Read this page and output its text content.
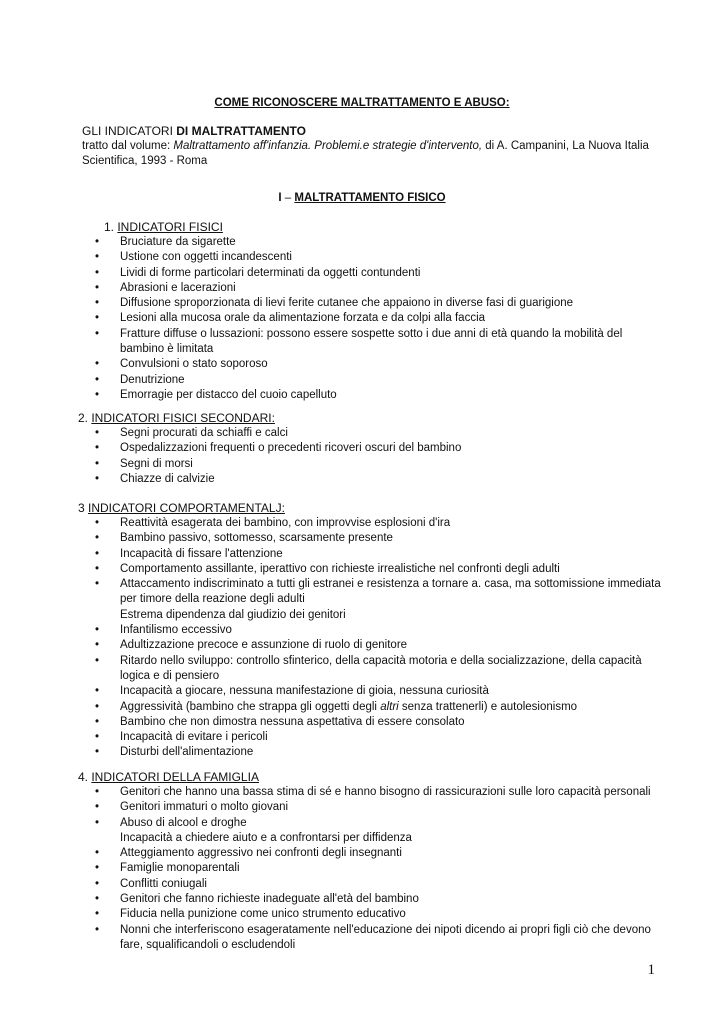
COME RICONOSCERE MALTRATTAMENTO E ABUSO:
GLI INDICATORI DI MALTRATTAMENTO
tratto dal volume: Maltrattamento aff'infanzia. Problemi.e strategie d'intervento, di A. Campanini, La Nuova Italia Scientifica, 1993 - Roma
I – MALTRATTAMENTO FISICO
1. INDICATORI FISICI
• Bruciature da sigarette
• Ustione con oggetti incandescenti
• Lividi di forme particolari determinati da oggetti contundenti
• Abrasioni e lacerazioni
• Diffusione sproporzionata di lievi ferite cutanee che appaiono in diverse fasi di guarigione
• Lesioni alla mucosa orale da alimentazione forzata e da colpi alla faccia
• Fratture diffuse o lussazioni: possono essere sospette sotto i due anni di età quando la mobilità del bambino è limitata
• Convulsioni o stato soporoso
• Denutrizione
• Emorragie per distacco del cuoio capelluto
2. INDICATORI FISICI SECONDARI:
• Segni procurati da schiaffi e calci
• Ospedalizzazioni frequenti o precedenti ricoveri oscuri del bambino
• Segni di morsi
• Chiazze di calvizie
3 INDICATORI COMPORTAMENTALJ:
• Reattività esagerata dei bambino, con improvvise esplosioni d'ira
• Bambino passivo, sottomesso, scarsamente presente
• Incapacità di fissare l'attenzione
• Comportamento assillante, iperattivo con richieste irrealistiche nel confronti degli adulti
• Attaccamento indiscriminato a tutti gli estranei e resistenza a tornare a. casa, ma sottomissione immediata per timore della reazione degli adulti
Estrema dipendenza dal giudizio dei genitori
• Infantilismo eccessivo
• Adultizzazione precoce e assunzione di ruolo di genitore
• Ritardo nello sviluppo: controllo sfinterico, della capacità motoria e della socializzazione, della capacità logica e di pensiero
• Incapacità a giocare, nessuna manifestazione di gioia, nessuna curiosità
• Aggressività (bambino che strappa gli oggetti degli altri senza trattenerli) e autolesionismo
• Bambino che non dimostra nessuna aspettativa di essere consolato
• Incapacità di evitare i pericoli
• Disturbi dell'alimentazione
4. INDICATORI DELLA FAMIGLIA
• Genitori che hanno una bassa stima di sé e hanno bisogno di rassicurazioni sulle loro capacità personali
• Genitori immaturi o molto giovani
• Abuso di alcool e droghe
Incapacità a chiedere aiuto e a confrontarsi per diffidenza
• Atteggiamento aggressivo nei confronti degli insegnanti
• Famiglie monoparentali
• Conflitti coniugali
• Genitori che fanno richieste inadeguate all'età del bambino
• Fiducia nella punizione come unico strumento educativo
• Nonni che interferiscono esageratamente nell'educazione dei nipoti dicendo ai propri figli ciò che devono fare, squalificandoli o escludendoli
1
